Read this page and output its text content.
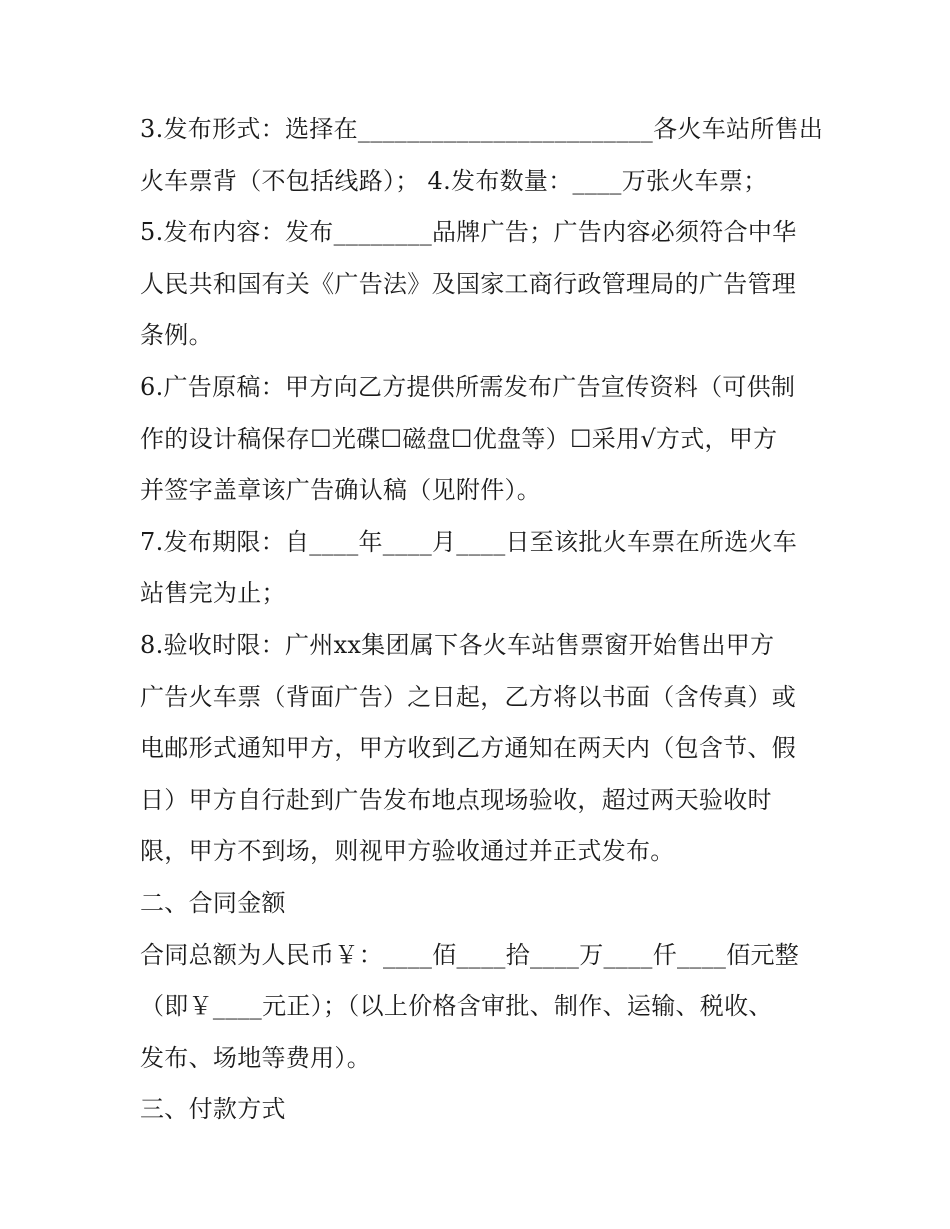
3.发布形式：选择在________________________各火车站所售出
火车票背（不包括线路）； 4.发布数量：____万张火车票；
5.发布内容：发布________品牌广告；广告内容必须符合中华
人民共和国有关《广告法》及国家工商行政管理局的广告管理
条例。
6.广告原稿：甲方向乙方提供所需发布广告宣传资料（可供制
作的设计稿保存☐光碟☐磁盘☐优盘等）☐采用√方式，甲方
并签字盖章该广告确认稿（见附件）。
7.发布期限：自____年____月____日至该批火车票在所选火车
站售完为止；
8.验收时限：广州xx集团属下各火车站售票窗开始售出甲方
广告火车票（背面广告）之日起，乙方将以书面（含传真）或
电邮形式通知甲方，甲方收到乙方通知在两天内（包含节、假
日）甲方自行赴到广告发布地点现场验收，超过两天验收时
限，甲方不到场，则视甲方验收通过并正式发布。
二、合同金额
合同总额为人民币￥：____佰____拾____万____仟____佰元整
（即￥____元正）；（以上价格含审批、制作、运输、税收、
发布、场地等费用）。
三、付款方式
